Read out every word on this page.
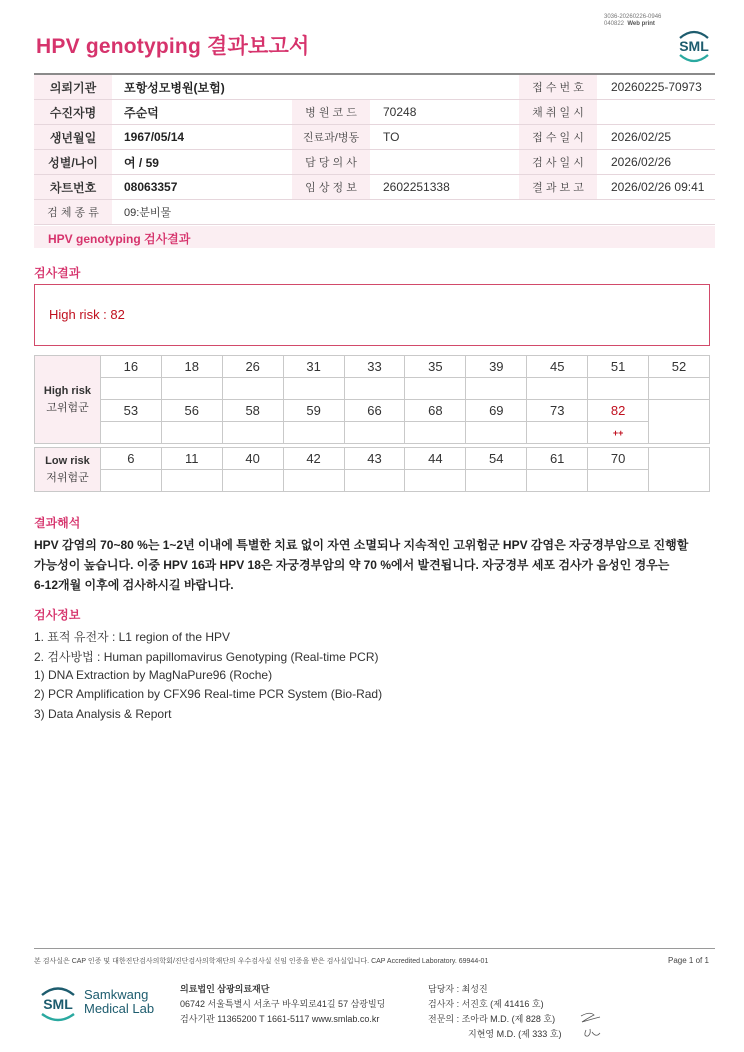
3036-20260226-0946
040822 Web print
HPV genotyping 결과보고서	SML
의뢰기관	포항성모병원(보험)			접 수 번 호	20260225-70973
수진자명	주순덕	병 원 코 드	70248	채 취 일 시	
생년월일	1967/05/14	진료과/병동	TO	접 수 일 시	2026/02/25
성별/나이	여 / 59	담 당 의 사		검 사 일 시	2026/02/26
차트번호	08063357	임 상 정 보	2602251338	결 과 보 고	2026/02/26 09:41
검 체 종 류	09:분비물				
HPV genotyping 검사결과
검사결과
High risk : 82
High risk
고위험군	16	18	26	31	33	35	39	45	51	52

	53	56	58	59	66	68	69	73	82	
									++	
Low risk
저위험군	6	11	40	42	43	44	54	61	70	

결과해석
HPV 감염의 70~80 %는 1~2년 이내에 특별한 치료 없이 자연 소멸되나 지속적인 고위험군 HPV 감염은 자궁경부암으로 진행할
가능성이 높습니다. 이중 HPV 16과 HPV 18은 자궁경부암의 약 70 %에서 발견됩니다. 자궁경부 세포 검사가 음성인 경우는
6-12개월 이후에 검사하시길 바랍니다.
검사정보
1. 표적 유전자 : L1 region of the HPV
2. 검사방법 : Human papillomavirus Genotyping (Real-time PCR)
1) DNA Extraction by MagNaPure96 (Roche)
2) PCR Amplification by CFX96 Real-time PCR System (Bio-Rad)
3) Data Analysis & Report
본 검사실은 CAP 인증 및 대한진단검사의학회/진단검사의학재단의 우수검사실 신임 인증을 받은 검사실입니다. CAP Accredited Laboratory. 69944-01	Page 1 of 1
SML
Samkwang
Medical Lab
의료법인 삼광의료재단
06742 서울특별시 서초구 바우뫼로41길 57 삼광빌딩
검사기관 11365200 T 1661-5117 www.smlab.co.kr
담당자 : 최성진
검사자 : 서진호 (제 41416 호)
전문의 : 조아라 M.D. (제 828 호)
지현영 M.D. (제 333 호)
